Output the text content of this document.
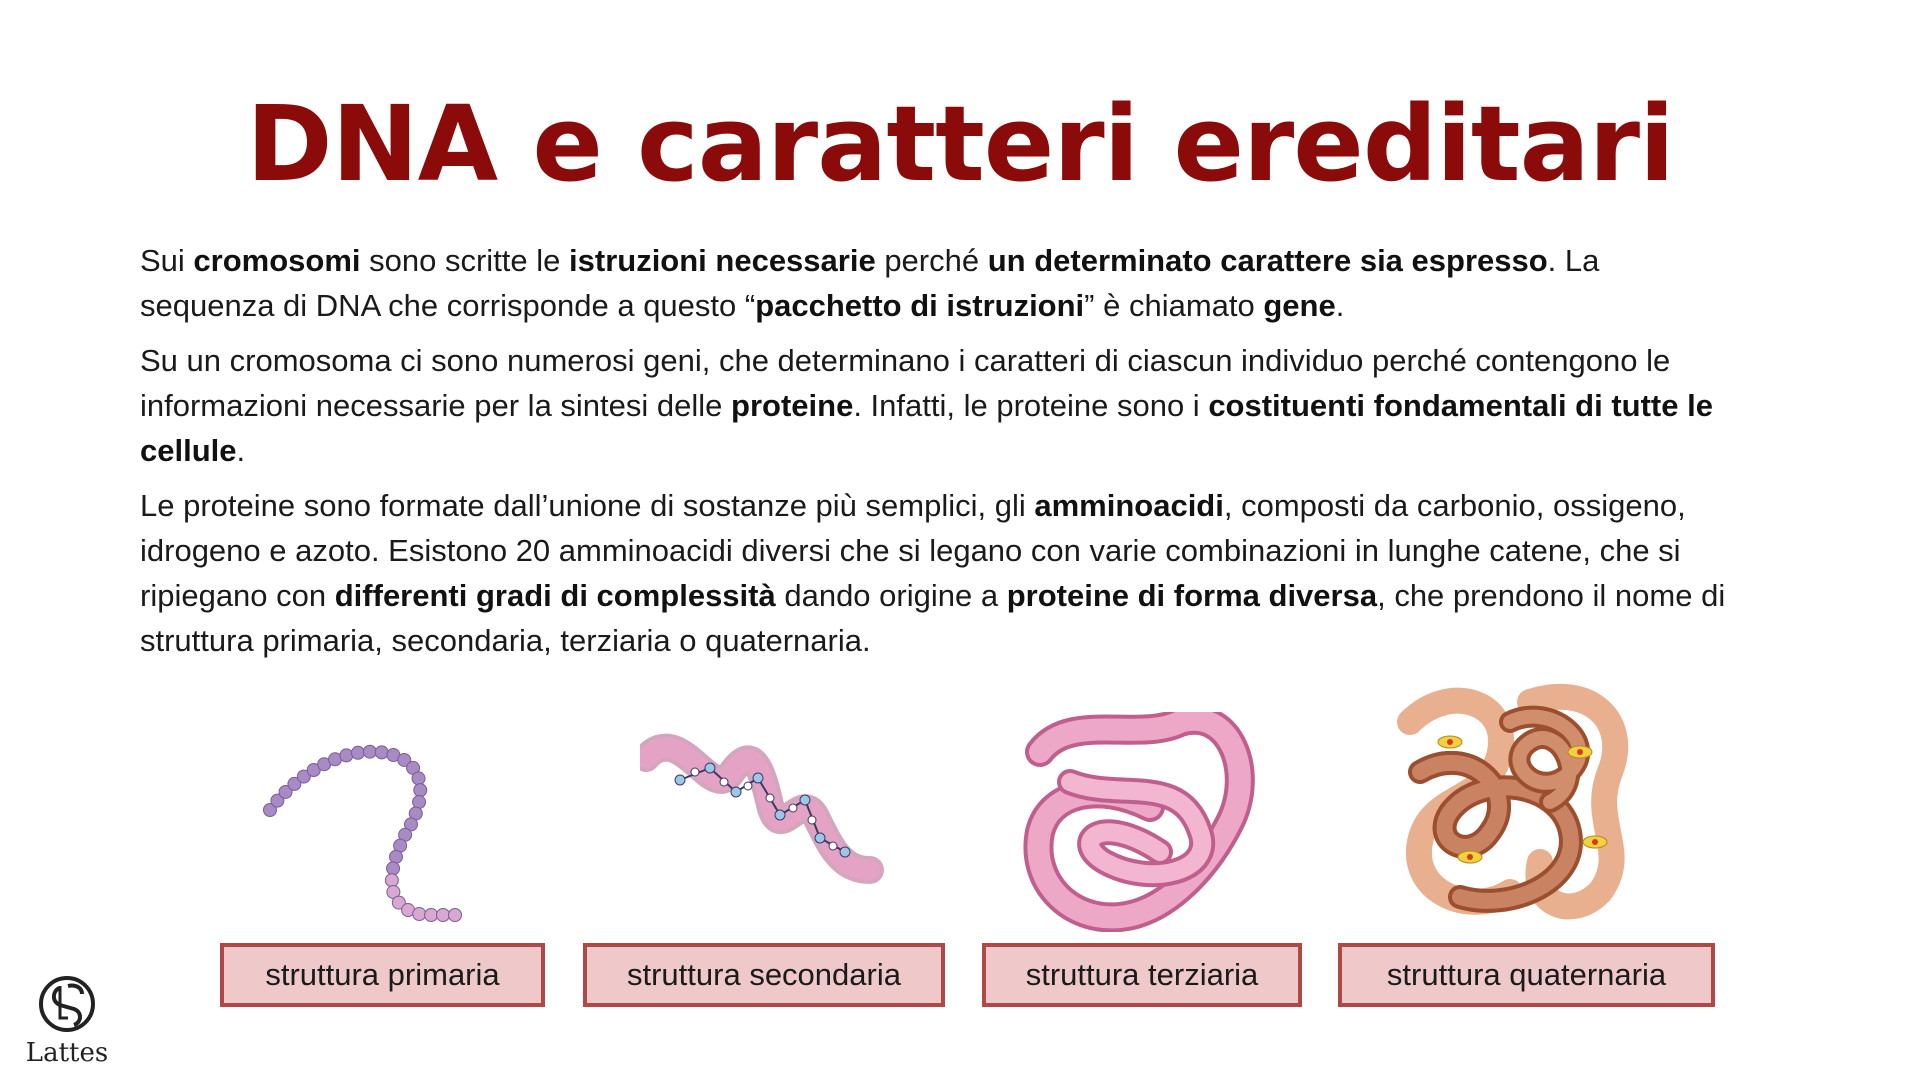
DNA e caratteri ereditari

Sui cromosomi sono scritte le istruzioni necessarie perché un determinato carattere sia espresso. La sequenza di DNA che corrisponde a questo “pacchetto di istruzioni” è chiamato gene.

Su un cromosoma ci sono numerosi geni, che determinano i caratteri di ciascun individuo perché contengono le informazioni necessarie per la sintesi delle proteine. Infatti, le proteine sono i costituenti fondamentali di tutte le cellule.

Le proteine sono formate dall’unione di sostanze più semplici, gli amminoacidi, composti da carbonio, ossigeno, idrogeno e azoto. Esistono 20 amminoacidi diversi che si legano con varie combinazioni in lunghe catene, che si ripiegano con differenti gradi di complessità dando origine a proteine di forma diversa, che prendono il nome di struttura primaria, secondaria, terziaria o quaternaria.

struttura primaria	struttura secondaria	struttura terziaria	struttura quaternaria
Lattes
